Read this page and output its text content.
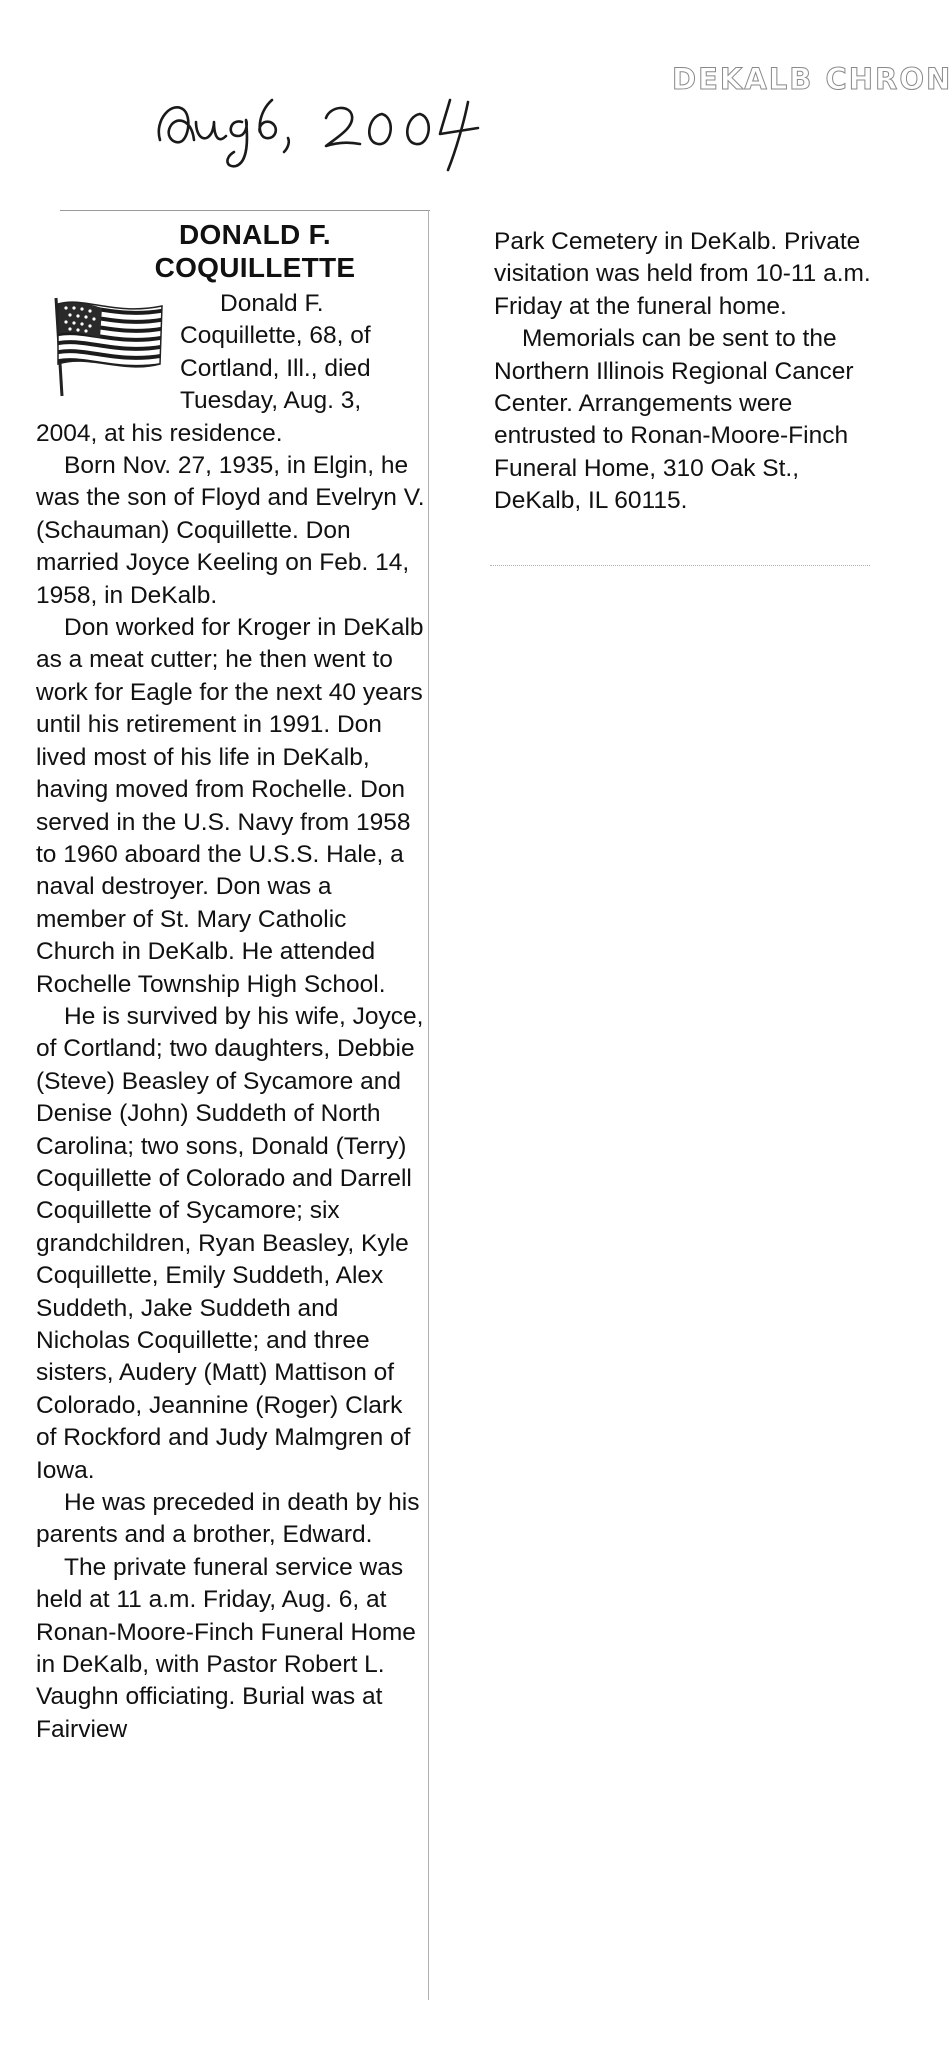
DEKALB CHRON
DONALD F.
COQUILLETTE

Donald F. Coquillette, 68, of Cortland, Ill., died Tuesday, Aug. 3, 2004, at his residence.

Born Nov. 27, 1935, in Elgin, he was the son of Floyd and Evelryn V. (Schauman) Coquillette. Don married Joyce Keeling on Feb. 14, 1958, in DeKalb.

Don worked for Kroger in DeKalb as a meat cutter; he then went to work for Eagle for the next 40 years until his retirement in 1991. Don lived most of his life in DeKalb, having moved from Rochelle. Don served in the U.S. Navy from 1958 to 1960 aboard the U.S.S. Hale, a naval destroyer. Don was a member of St. Mary Catholic Church in DeKalb. He attended Rochelle Township High School.

He is survived by his wife, Joyce, of Cortland; two daughters, Debbie (Steve) Beasley of Sycamore and Denise (John) Suddeth of North Carolina; two sons, Donald (Terry) Coquillette of Colorado and Darrell Coquillette of Sycamore; six grandchildren, Ryan Beasley, Kyle Coquillette, Emily Suddeth, Alex Suddeth, Jake Suddeth and Nicholas Coquillette; and three sisters, Audery (Matt) Mattison of Colorado, Jeannine (Roger) Clark of Rockford and Judy Malmgren of Iowa.

He was preceded in death by his parents and a brother, Edward.

The private funeral service was held at 11 a.m. Friday, Aug. 6, at Ronan-Moore-Finch Funeral Home in DeKalb, with Pastor Robert L. Vaughn officiating. Burial was at Fairview

Park Cemetery in DeKalb. Private visitation was held from 10-11 a.m. Friday at the funeral home.

Memorials can be sent to the Northern Illinois Regional Cancer Center. Arrangements were entrusted to Ronan-Moore-Finch Funeral Home, 310 Oak St., DeKalb, IL 60115.
